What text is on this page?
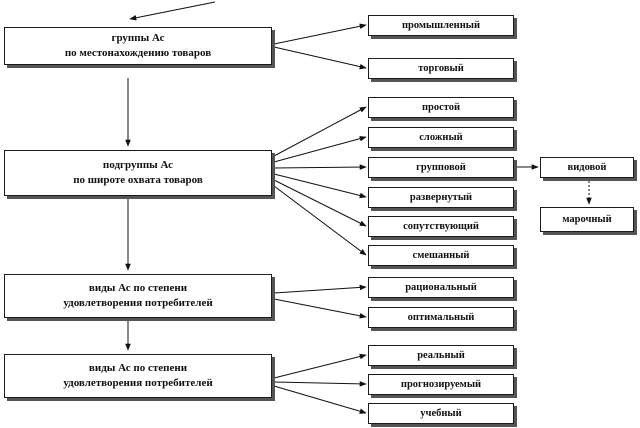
группы Ас
по местонахождению товаров
промышленный
торговый
подгруппы Ас
по широте охвата товаров
простой
сложный
групповой
развернутый
сопутствующий
смешанный
видовой
марочный
виды Ас по степени
удовлетворения потребителей
рациональный
оптимальный
виды Ас по степени
удовлетворения потребителей
реальный
прогнозируемый
учебный
